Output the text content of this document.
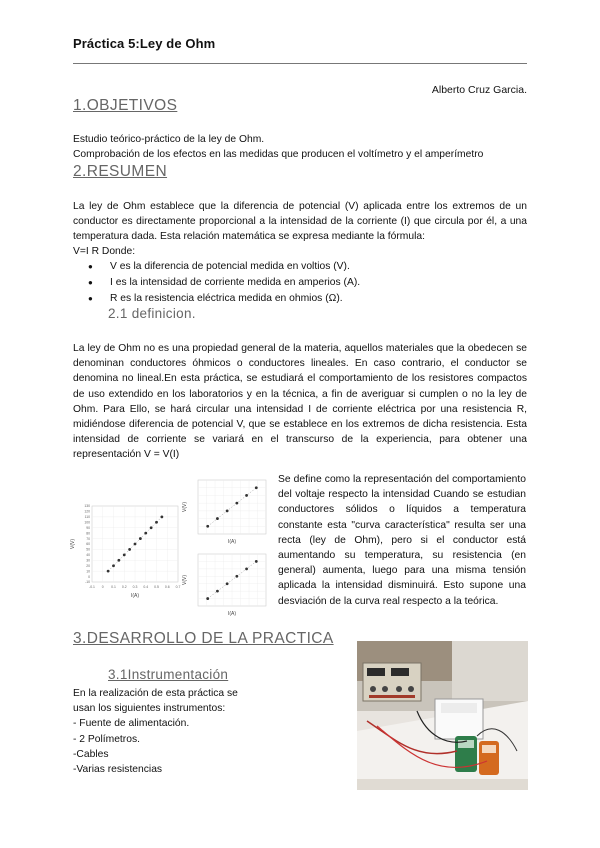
Práctica 5:Ley de Ohm
Alberto Cruz Garcia.
1.OBJETIVOS
Estudio teórico-práctico de la ley de Ohm.
Comprobación de los efectos en las medidas que producen el voltímetro y el amperímetro
2.RESUMEN
La ley de Ohm establece que la diferencia de potencial (V) aplicada entre los extremos de un conductor es directamente proporcional a la intensidad de la corriente (I) que circula por él, a una temperatura dada. Esta relación matemática se expresa mediante la fórmula:
V=I R Donde:
● V es la diferencia de potencial medida en voltios (V).
● I es la intensidad de corriente medida en amperios (A).
● R es la resistencia eléctrica medida en ohmios (Ω).
2.1 definicion.
La ley de Ohm no es una propiedad general de la materia, aquellos materiales que la obedecen se denominan conductores óhmicos o conductores lineales. En caso contrario, el conductor se denomina no lineal.En esta práctica, se estudiará el comportamiento de los resistores compactos de uso extendido en los laboratorios y en la técnica, a fin de averiguar si cumplen o no la ley de Ohm. Para Ello, se hará circular una intensidad I de corriente eléctrica por una resistencia R, midiéndose diferencia de potencial V, que se establece en los extremos de dicha resistencia. Esta intensidad de corriente se variará en el transcurso de la experiencia, para obtener una representación V = V(I)
I(A)
V(V)
-0.1 0 0.1 0.2 0.3 0.4 0.5 0.6 0.7
130
120
110
100
90
80
70
60
50
40
30
20
10
0
-10
I(A)
V(V)
I(A)
V(V)
Se define como la representación del comportamiento del voltaje respecto la intensidad Cuando se estudian conductores sólidos o líquidos a temperatura constante esta "curva característica" resulta ser una recta (ley de Ohm), pero si el conductor está aumentando su temperatura, su resistencia (en general) aumenta, luego para una misma tensión aplicada la intensidad disminuirá. Esto supone una desviación de la curva real respecto a la teórica.
3.DESARROLLO DE LA PRACTICA
3.1Instrumentación
En la realización de esta práctica se
usan los siguientes instrumentos:
- Fuente de alimentación.
- 2 Polímetros.
-Cables
-Varias resistencias
